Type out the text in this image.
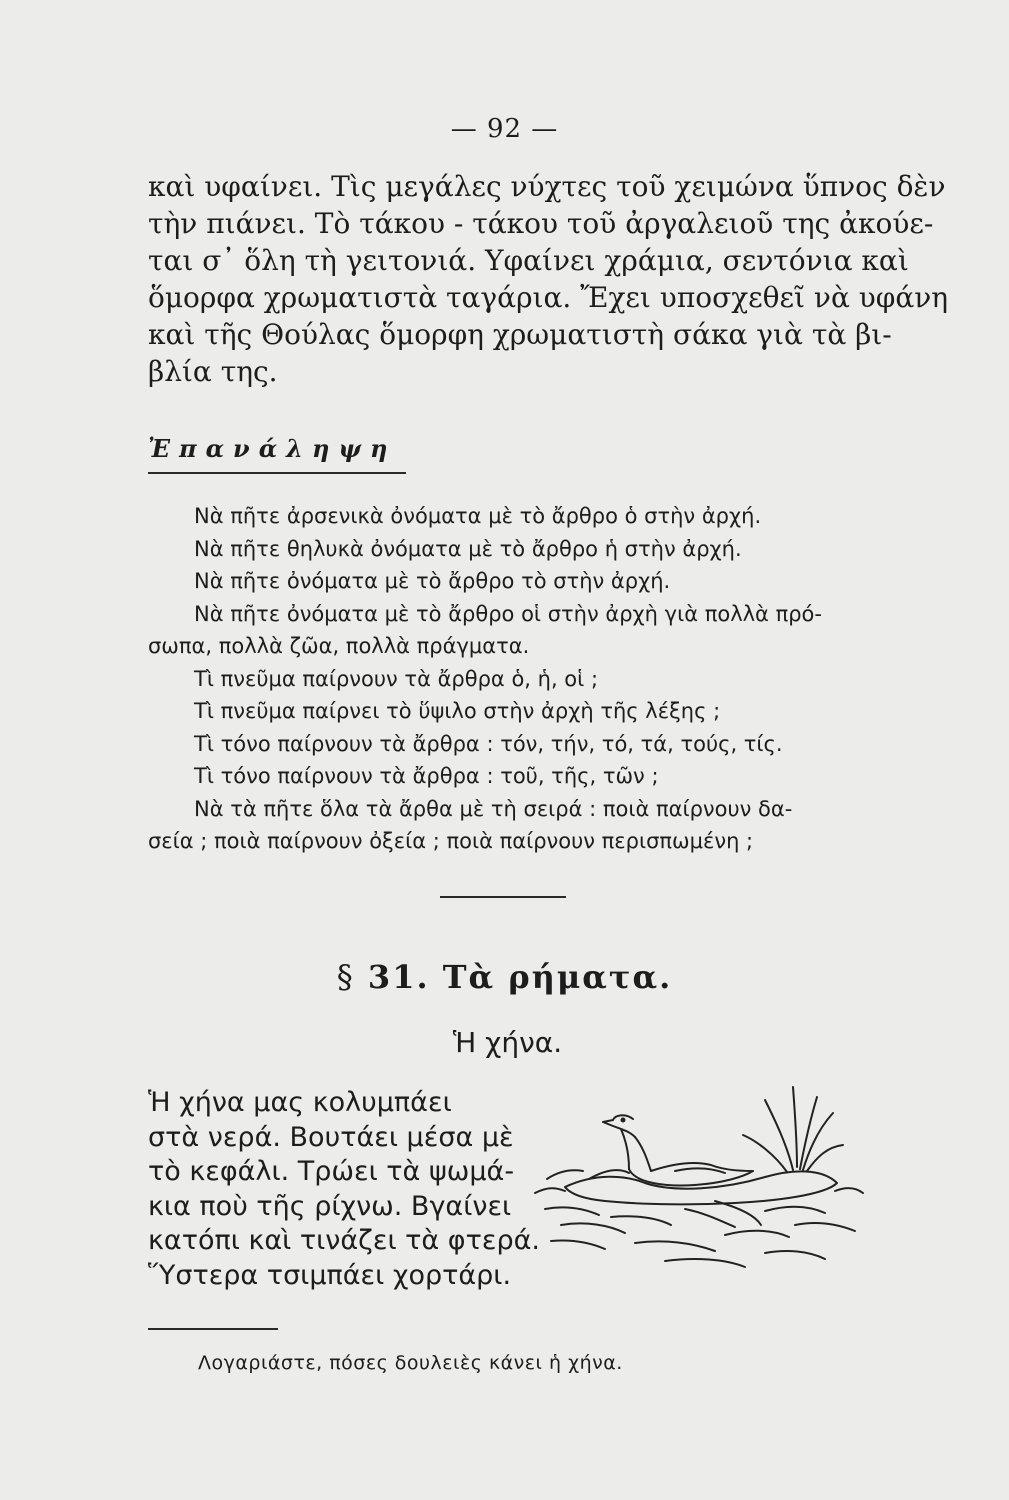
— 92 —
καὶ υφαίνει. Τὶς μεγάλες νύχτες τοῦ χειμώνα ὕπνος δὲν
τὴν πιάνει. Τὸ τάκου - τάκου τοῦ ἀργαλειοῦ της ἀκούε-
ται σ᾽ ὅλη τὴ γειτονιά. Υφαίνει χράμια, σεντόνια καὶ
ὅμορφα χρωματιστὰ ταγάρια. Ἔχει υποσχεθεῖ νὰ υφάνη
καὶ τῆς Θούλας ὅμορφη χρωματιστὴ σάκα γιὰ τὰ βι-
βλία της.
Ἐπανάληψη
Νὰ πῆτε ἀρσενικὰ ὀνόματα μὲ τὸ ἄρθρο ὁ στὴν ἀρχή.
Νὰ πῆτε θηλυκὰ ὀνόματα μὲ τὸ ἄρθρο ἡ στὴν ἀρχή.
Νὰ πῆτε ὀνόματα μὲ τὸ ἄρθρο τὸ στὴν ἀρχή.
Νὰ πῆτε ὀνόματα μὲ τὸ ἄρθρο οἱ στὴν ἀρχὴ γιὰ πολλὰ πρό-
σωπα, πολλὰ ζῶα, πολλὰ πράγματα.
Τὶ πνεῦμα παίρνουν τὰ ἄρθρα ὁ, ἡ, οἱ ;
Τὶ πνεῦμα παίρνει τὸ ὕψιλο στὴν ἀρχὴ τῆς λέξης ;
Τὶ τόνο παίρνουν τὰ ἄρθρα : τόν, τήν, τό, τά, τούς, τίς.
Τὶ τόνο παίρνουν τὰ ἄρθρα : τοῦ, τῆς, τῶν ;
Νὰ τὰ πῆτε ὅλα τὰ ἄρθα μὲ τὴ σειρά : ποιὰ παίρνουν δα-
σεία ; ποιὰ παίρνουν ὀξεία ; ποιὰ παίρνουν περισπωμένη ;
§ 31. Τὰ ρήματα.
Ἡ χήνα.
Ἡ χήνα μας κολυμπάει
στὰ νερά. Βουτάει μέσα μὲ
τὸ κεφάλι. Τρώει τὰ ψωμά-
κια ποὺ τῆς ρίχνω. Βγαίνει
κατόπι καὶ τινάζει τὰ φτερά.
Ὕστερα τσιμπάει χορτάρι.
Λογαριάστε, πόσες δουλειὲς κάνει ἡ χήνα.
